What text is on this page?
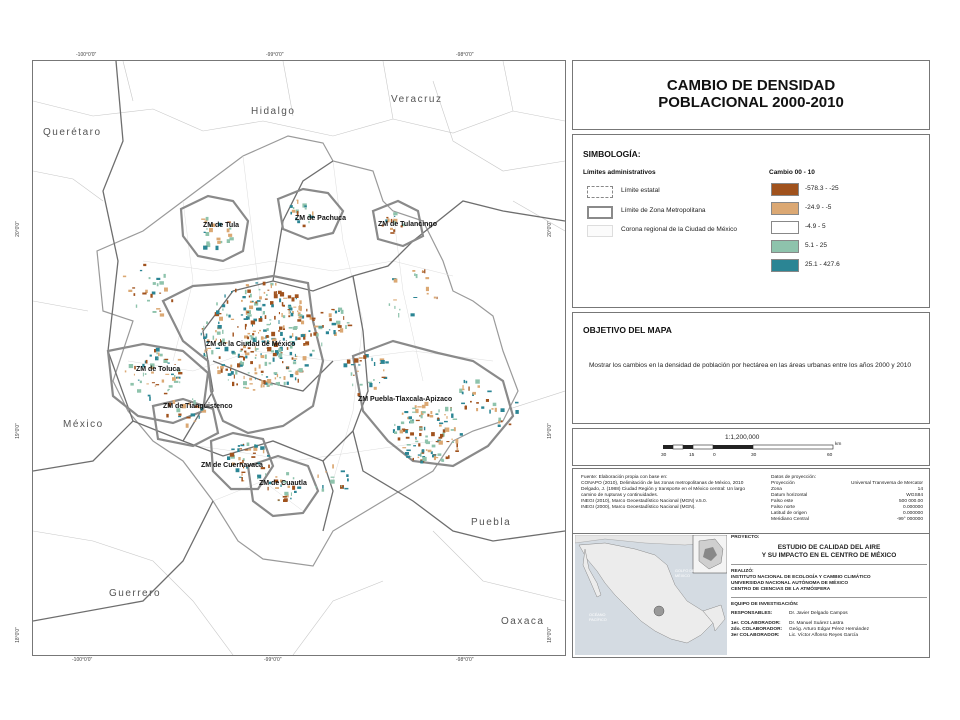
Hidalgo
Veracruz
Querétaro
México
Puebla
Guerrero
Oaxaca
ZM de Tula
ZM de Pachuca
ZM de Tulancingo
ZM de la Ciudad de México
ZM de Toluca
ZM de Tianguistenco
ZM Puebla-Tlaxcala-Apizaco
ZM de Cuernavaca
ZM de Cuautla
-100°0'0"	-99°0'0"	-98°0'0"
-100°0'0"	-99°0'0"	-98°0'0"
20°0'0"
19°0'0"
18°0'0"
20°0'0"
19°0'0"
18°0'0"
CAMBIO DE DENSIDAD
POBLACIONAL 2000-2010
SIMBOLOGÍA:
Límites administrativos
Límite estatal
Límite de Zona Metropolitana
Corona regional de la Ciudad de México
Cambio 00 - 10
-578.3 - -25
-24.9 - -5
-4.9 - 5
5.1 - 25
25.1 - 427.6
OBJETIVO DEL MAPA
Mostrar los cambios en la densidad de población por hectárea en las áreas urbanas entre los años 2000 y 2010
1:1,200,000
30	15	0	30	60
km
Fuente: Elaboración propia con base en:
CONAPO (2010), Delimitación de las zonas metropolitanas de México, 2010
Delgado, J. (1988) Ciudad Región y transporte en el México central: Un largo camino de rupturas y continuidades.
INEGI (2010), Marco Geoestadístico Nacional (MGN) v.5.0.
INEGI (2000), Marco Geoestadístico Nacional (MGN).
Datos de proyección:
Proyección	Universal Transversa de Mercator
Zona	14
Datum horizontal	WGS84
Falso este	500 000.00
Falso norte	0.000000
Latitud de origen	0.000000
Meridiano Central	-99° 000000
GOLFO DE MÉXICO
OCÉANO PACÍFICO
PROYECTO:
ESTUDIO DE CALIDAD DEL AIRE
Y SU IMPACTO EN EL CENTRO DE MÉXICO
REALIZÓ:
INSTITUTO NACIONAL DE ECOLOGÍA Y CAMBIO CLIMÁTICO
UNIVERSIDAD NACIONAL AUTÓNOMA DE MÉXICO
CENTRO DE CIENCIAS DE LA ATMÓSFERA
EQUIPO DE INVESTIGACIÓN:
RESPONSABLES:	Dr. Javier Delgado Campos
1er. COLABORADOR:	Dr. Manuel Suárez Lastra
2do. COLABORADOR:	Geóg. Arturo Edgar Pérez Hernández
3er COLABORADOR:	Lic. Víctor Alfonso Reyes García
